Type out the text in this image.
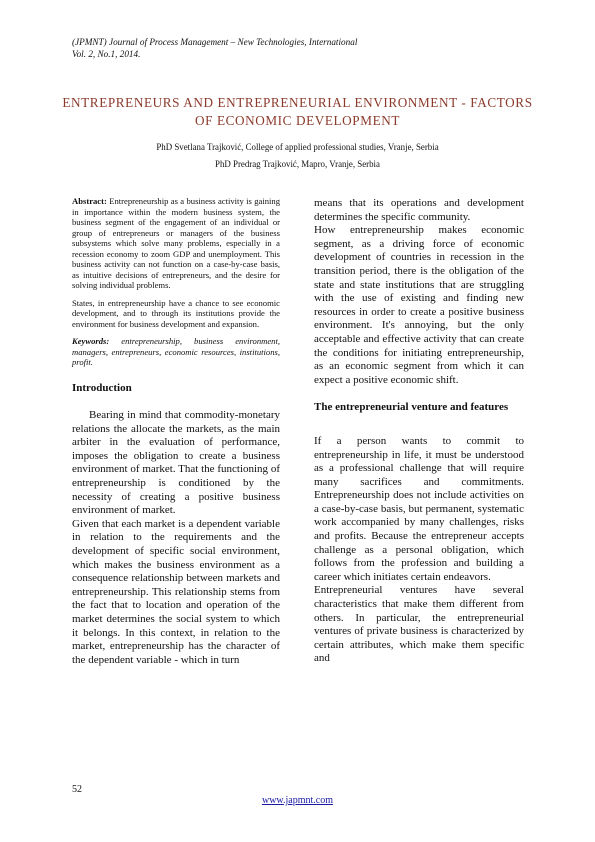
(JPMNT) Journal of Process Management – New Technologies, International
Vol. 2, No.1, 2014.
ENTREPRENEURS AND ENTREPRENEURIAL ENVIRONMENT - FACTORS OF ECONOMIC DEVELOPMENT
PhD Svetlana Trajković, College of applied professional studies, Vranje, Serbia
PhD Predrag Trajković, Mapro, Vranje, Serbia

Abstract: Entrepreneurship as a business activity is gaining in importance within the modern business system, the business segment of the engagement of an individual or group of entrepreneurs or managers of the business subsystems which solve many problems, especially in a recession economy to zoom GDP and unemployment. This business activity can not function on a case-by-case basis, as intuitive decisions of entrepreneurs, and the desire for solving individual problems.

States, in entrepreneurship have a chance to see economic development, and to through its institutions provide the environment for business development and expansion.

Keywords: entrepreneurship, business environment, managers, entrepreneurs, economic resources, institutions, profit.

Introduction

Bearing in mind that commodity-monetary relations the allocate the markets, as the main arbiter in the evaluation of performance, imposes the obligation to create a business environment of market. That the functioning of entrepreneurship is conditioned by the necessity of creating a positive business environment of market.

Given that each market is a dependent variable in relation to the requirements and the development of specific social environment, which makes the business environment as a consequence relationship between markets and entrepreneurship. This relationship stems from the fact that to location and operation of the market determines the social system to which it belongs. In this context, in relation to the market, entrepreneurship has the character of the dependent variable - which in turn

means that its operations and development determines the specific community.

How entrepreneurship makes economic segment, as a driving force of economic development of countries in recession in the transition period, there is the obligation of the state and state institutions that are struggling with the use of existing and finding new resources in order to create a positive business environment. It's annoying, but the only acceptable and effective activity that can create the conditions for initiating entrepreneurship, as an economic segment from which it can expect a positive economic shift.

The entrepreneurial venture and features

If a person wants to commit to entrepreneurship in life, it must be understood as a professional challenge that will require many sacrifices and commitments. Entrepreneurship does not include activities on a case-by-case basis, but permanent, systematic work accompanied by many challenges, risks and profits. Because the entrepreneur accepts challenge as a personal obligation, which follows from the profession and building a career which initiates certain endeavors.

Entrepreneurial ventures have several characteristics that make them different from others. In particular, the entrepreneurial ventures of private business is characterized by certain attributes, which make them specific and

52
www.japmnt.com
